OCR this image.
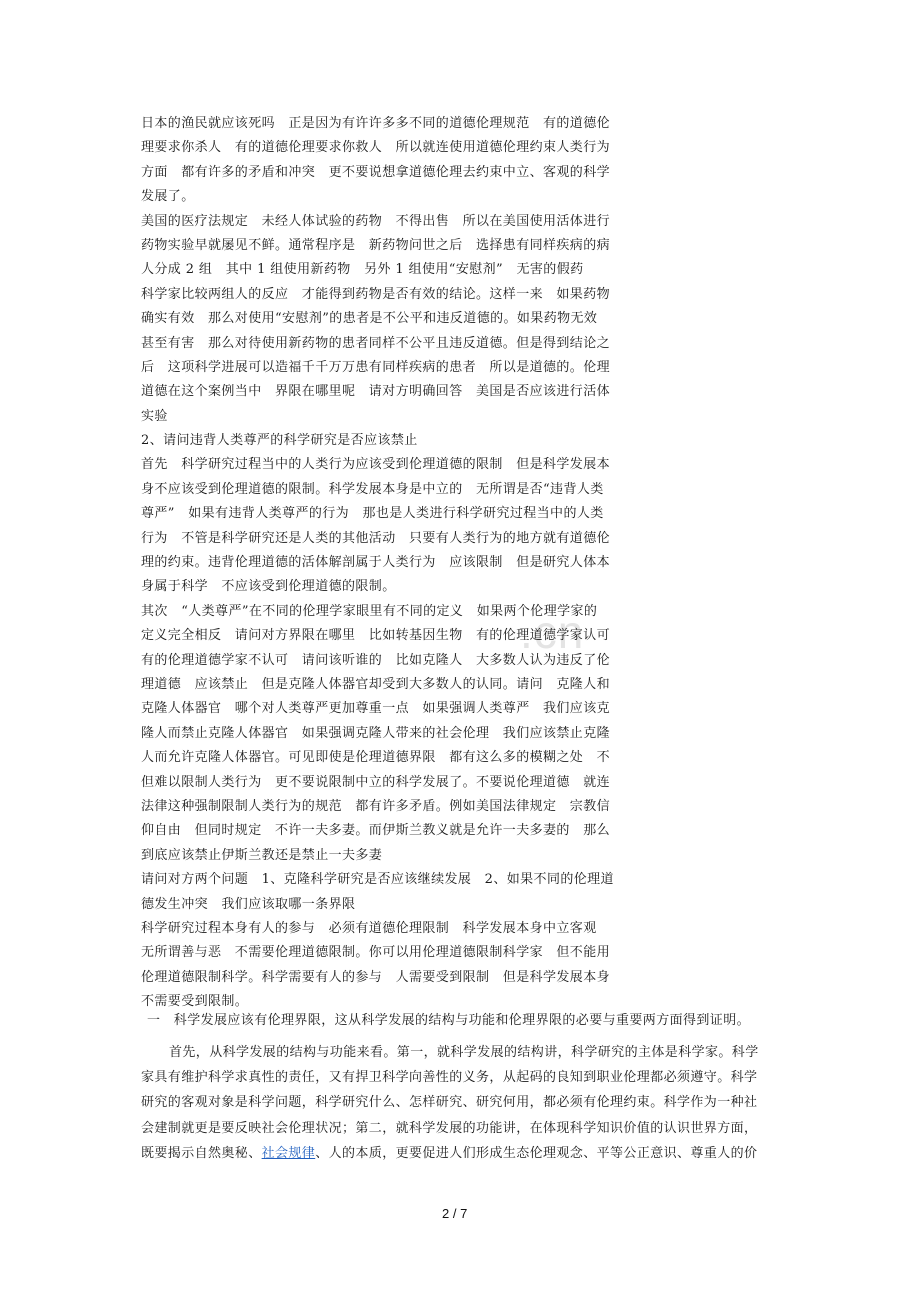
.cn
日本的渔民就应该死吗　正是因为有许许多多不同的道德伦理规范　有的道德伦
理要求你杀人　有的道德伦理要求你救人　所以就连使用道德伦理约束人类行为
方面　都有许多的矛盾和冲突　更不要说想拿道德伦理去约束中立、客观的科学
发展了。
美国的医疗法规定　未经人体试验的药物　不得出售　所以在美国使用活体进行
药物实验早就屡见不鲜。通常程序是　新药物问世之后　选择患有同样疾病的病
人分成 2 组　其中 1 组使用新药物　另外 1 组使用“安慰剂”　无害的假药
科学家比较两组人的反应　才能得到药物是否有效的结论。这样一来　如果药物
确实有效　那么对使用“安慰剂”的患者是不公平和违反道德的。如果药物无效
甚至有害　那么对待使用新药物的患者同样不公平且违反道德。但是得到结论之
后　这项科学进展可以造福千千万万患有同样疾病的患者　所以是道德的。伦理
道德在这个案例当中　界限在哪里呢　请对方明确回答　美国是否应该进行活体
实验
2、请问违背人类尊严的科学研究是否应该禁止
首先　科学研究过程当中的人类行为应该受到伦理道德的限制　但是科学发展本
身不应该受到伦理道德的限制。科学发展本身是中立的　无所谓是否“违背人类
尊严”　如果有违背人类尊严的行为　那也是人类进行科学研究过程当中的人类
行为　不管是科学研究还是人类的其他活动　只要有人类行为的地方就有道德伦
理的约束。违背伦理道德的活体解剖属于人类行为　应该限制　但是研究人体本
身属于科学　不应该受到伦理道德的限制。
其次　“人类尊严”在不同的伦理学家眼里有不同的定义　如果两个伦理学家的
定义完全相反　请问对方界限在哪里　比如转基因生物　有的伦理道德学家认可
有的伦理道德学家不认可　请问该听谁的　比如克隆人　大多数人认为违反了伦
理道德　应该禁止　但是克隆人体器官却受到大多数人的认同。请问　克隆人和
克隆人体器官　哪个对人类尊严更加尊重一点　如果强调人类尊严　我们应该克
隆人而禁止克隆人体器官　如果强调克隆人带来的社会伦理　我们应该禁止克隆
人而允许克隆人体器官。可见即使是伦理道德界限　都有这么多的模糊之处　不
但难以限制人类行为　更不要说限制中立的科学发展了。不要说伦理道德　就连
法律这种强制限制人类行为的规范　都有许多矛盾。例如美国法律规定　宗教信
仰自由　但同时规定　不许一夫多妻。而伊斯兰教义就是允许一夫多妻的　那么
到底应该禁止伊斯兰教还是禁止一夫多妻
请问对方两个问题　1、克隆科学研究是否应该继续发展　2、如果不同的伦理道
德发生冲突　我们应该取哪一条界限
科学研究过程本身有人的参与　必须有道德伦理限制　科学发展本身中立客观
无所谓善与恶　不需要伦理道德限制。你可以用伦理道德限制科学家　但不能用
伦理道德限制科学。科学需要有人的参与　人需要受到限制　但是科学发展本身
不需要受到限制。
一　科学发展应该有伦理界限，这从科学发展的结构与功能和伦理界限的必要与重要两方面得到证明。
首先，从科学发展的结构与功能来看。第一，就科学发展的结构讲，科学研究的主体是科学家。科学
家具有维护科学求真性的责任，又有捍卫科学向善性的义务，从起码的良知到职业伦理都必须遵守。科学
研究的客观对象是科学问题，科学研究什么、怎样研究、研究何用，都必须有伦理约束。科学作为一种社
会建制就更是要反映社会伦理状况；第二，就科学发展的功能讲，在体现科学知识价值的认识世界方面，
既要揭示自然奥秘、社会规律、人的本质，更要促进人们形成生态伦理观念、平等公正意识、尊重人的价
2 / 7
